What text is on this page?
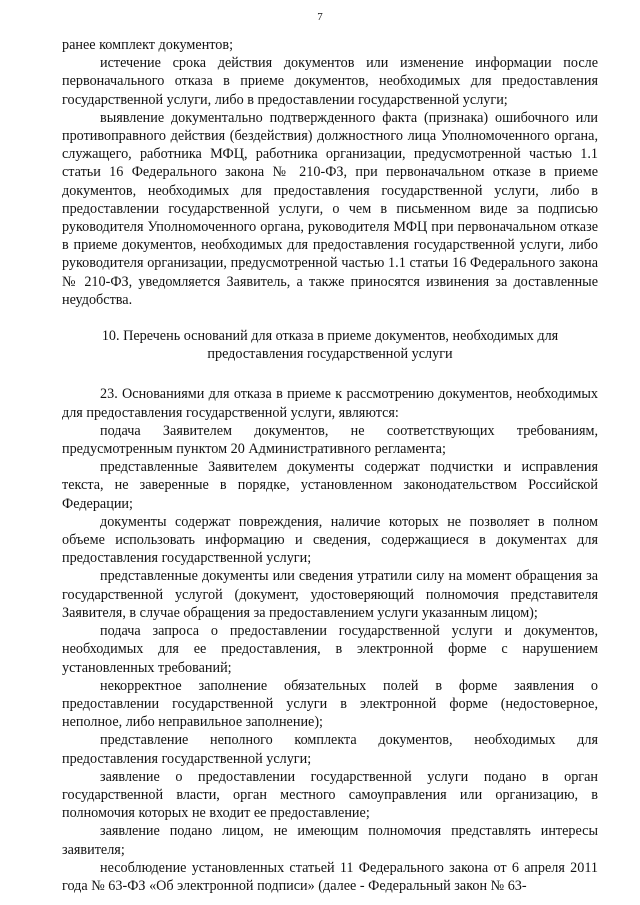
7

ранее комплект документов;

истечение срока действия документов или изменение информации после первоначального отказа в приеме документов, необходимых для предоставления государственной услуги, либо в предоставлении государственной услуги;

выявление документально подтвержденного факта (признака) ошибочного или противоправного действия (бездействия) должностного лица Уполномоченного органа, служащего, работника МФЦ, работника организации, предусмотренной частью 1.1 статьи 16 Федерального закона № 210-ФЗ, при первоначальном отказе в приеме документов, необходимых для предоставления государственной услуги, либо в предоставлении государственной услуги, о чем в письменном виде за подписью руководителя Уполномоченного органа, руководителя МФЦ при первоначальном отказе в приеме документов, необходимых для предоставления государственной услуги, либо руководителя организации, предусмотренной частью 1.1 статьи 16 Федерального закона № 210-ФЗ, уведомляется Заявитель, а также приносятся извинения за доставленные неудобства.

10. Перечень оснований для отказа в приеме документов, необходимых для предоставления государственной услуги

23. Основаниями для отказа в приеме к рассмотрению документов, необходимых для предоставления государственной услуги, являются:

подача Заявителем документов, не соответствующих требованиям, предусмотренным пунктом 20 Административного регламента;

представленные Заявителем документы содержат подчистки и исправления текста, не заверенные в порядке, установленном законодательством Российской Федерации;

документы содержат повреждения, наличие которых не позволяет в полном объеме использовать информацию и сведения, содержащиеся в документах для предоставления государственной услуги;

представленные документы или сведения утратили силу на момент обращения за государственной услугой (документ, удостоверяющий полномочия представителя Заявителя, в случае обращения за предоставлением услуги указанным лицом);

подача запроса о предоставлении государственной услуги и документов, необходимых для ее предоставления, в электронной форме с нарушением установленных требований;

некорректное заполнение обязательных полей в форме заявления о предоставлении государственной услуги в электронной форме (недостоверное, неполное, либо неправильное заполнение);

представление неполного комплекта документов, необходимых для предоставления государственной услуги;

заявление о предоставлении государственной услуги подано в орган государственной власти, орган местного самоуправления или организацию, в полномочия которых не входит ее предоставление;

заявление подано лицом, не имеющим полномочия представлять интересы заявителя;

несоблюдение установленных статьей 11 Федерального закона от 6 апреля 2011 года № 63-ФЗ «Об электронной подписи» (далее - Федеральный закон № 63-
